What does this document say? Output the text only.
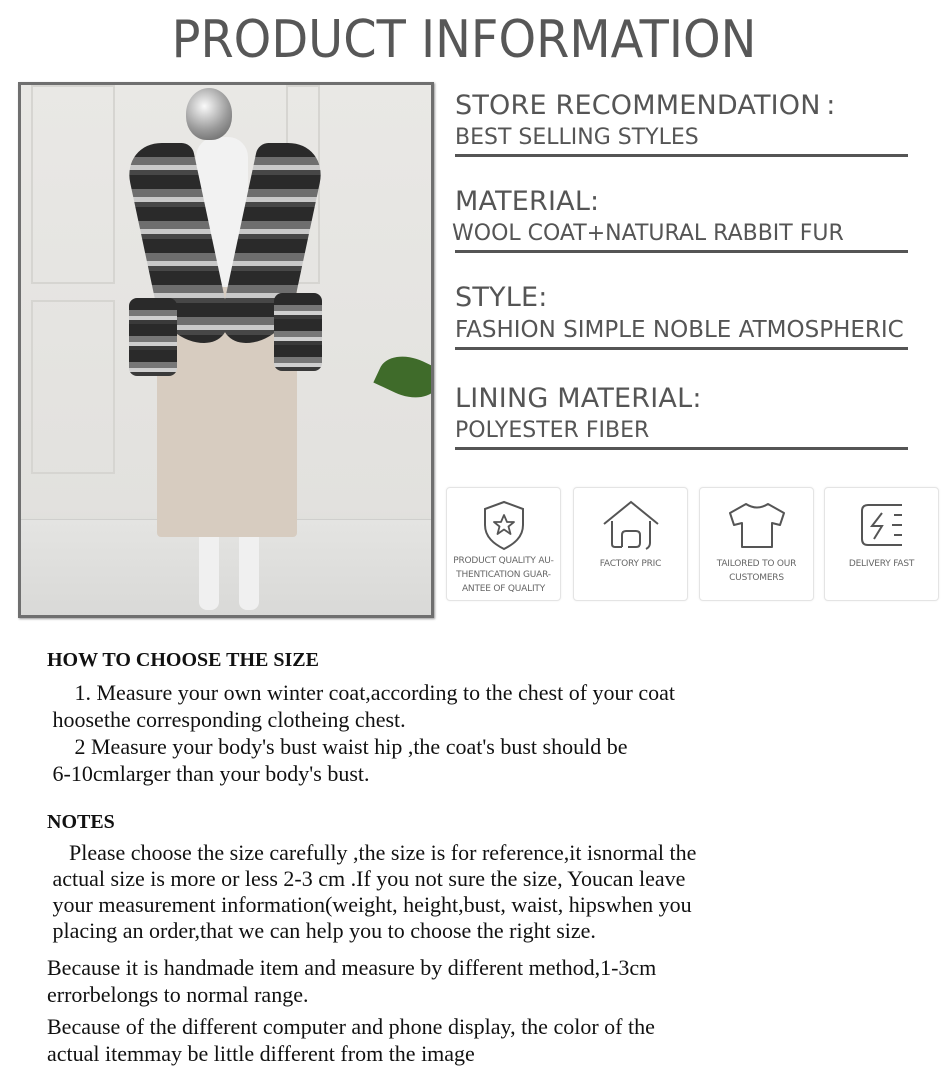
PRODUCT INFORMATION
STORE RECOMMENDATION :
BEST SELLING STYLES
MATERIAL:
WOOL COAT+NATURAL RABBIT FUR
STYLE:
FASHION SIMPLE NOBLE ATMOSPHERIC
LINING MATERIAL:
POLYESTER FIBER
PRODUCT QUALITY AU-
THENTICATION GUAR-
ANTEE OF QUALITY
FACTORY PRIC	TAILORED TO OUR
CUSTOMERS
DELIVERY FAST
HOW TO CHOOSE THE SIZE
1. Measure your own winter coat,according to the chest of your coat
hoosethe corresponding clotheing chest.
2 Measure your body's bust waist hip ,the coat's bust should be
6-10cmlarger than your body's bust.
NOTES
Please choose the size carefully ,the size is for reference,it isnormal the
actual size is more or less 2-3 cm .If you not sure the size, Youcan leave
your measurement information(weight, height,bust, waist, hipswhen you
placing an order,that we can help you to choose the right size.
Because it is handmade item and measure by different method,1-3cm
errorbelongs to normal range.
Because of the different computer and phone display, the color of the
actual itemmay be little different from the image
